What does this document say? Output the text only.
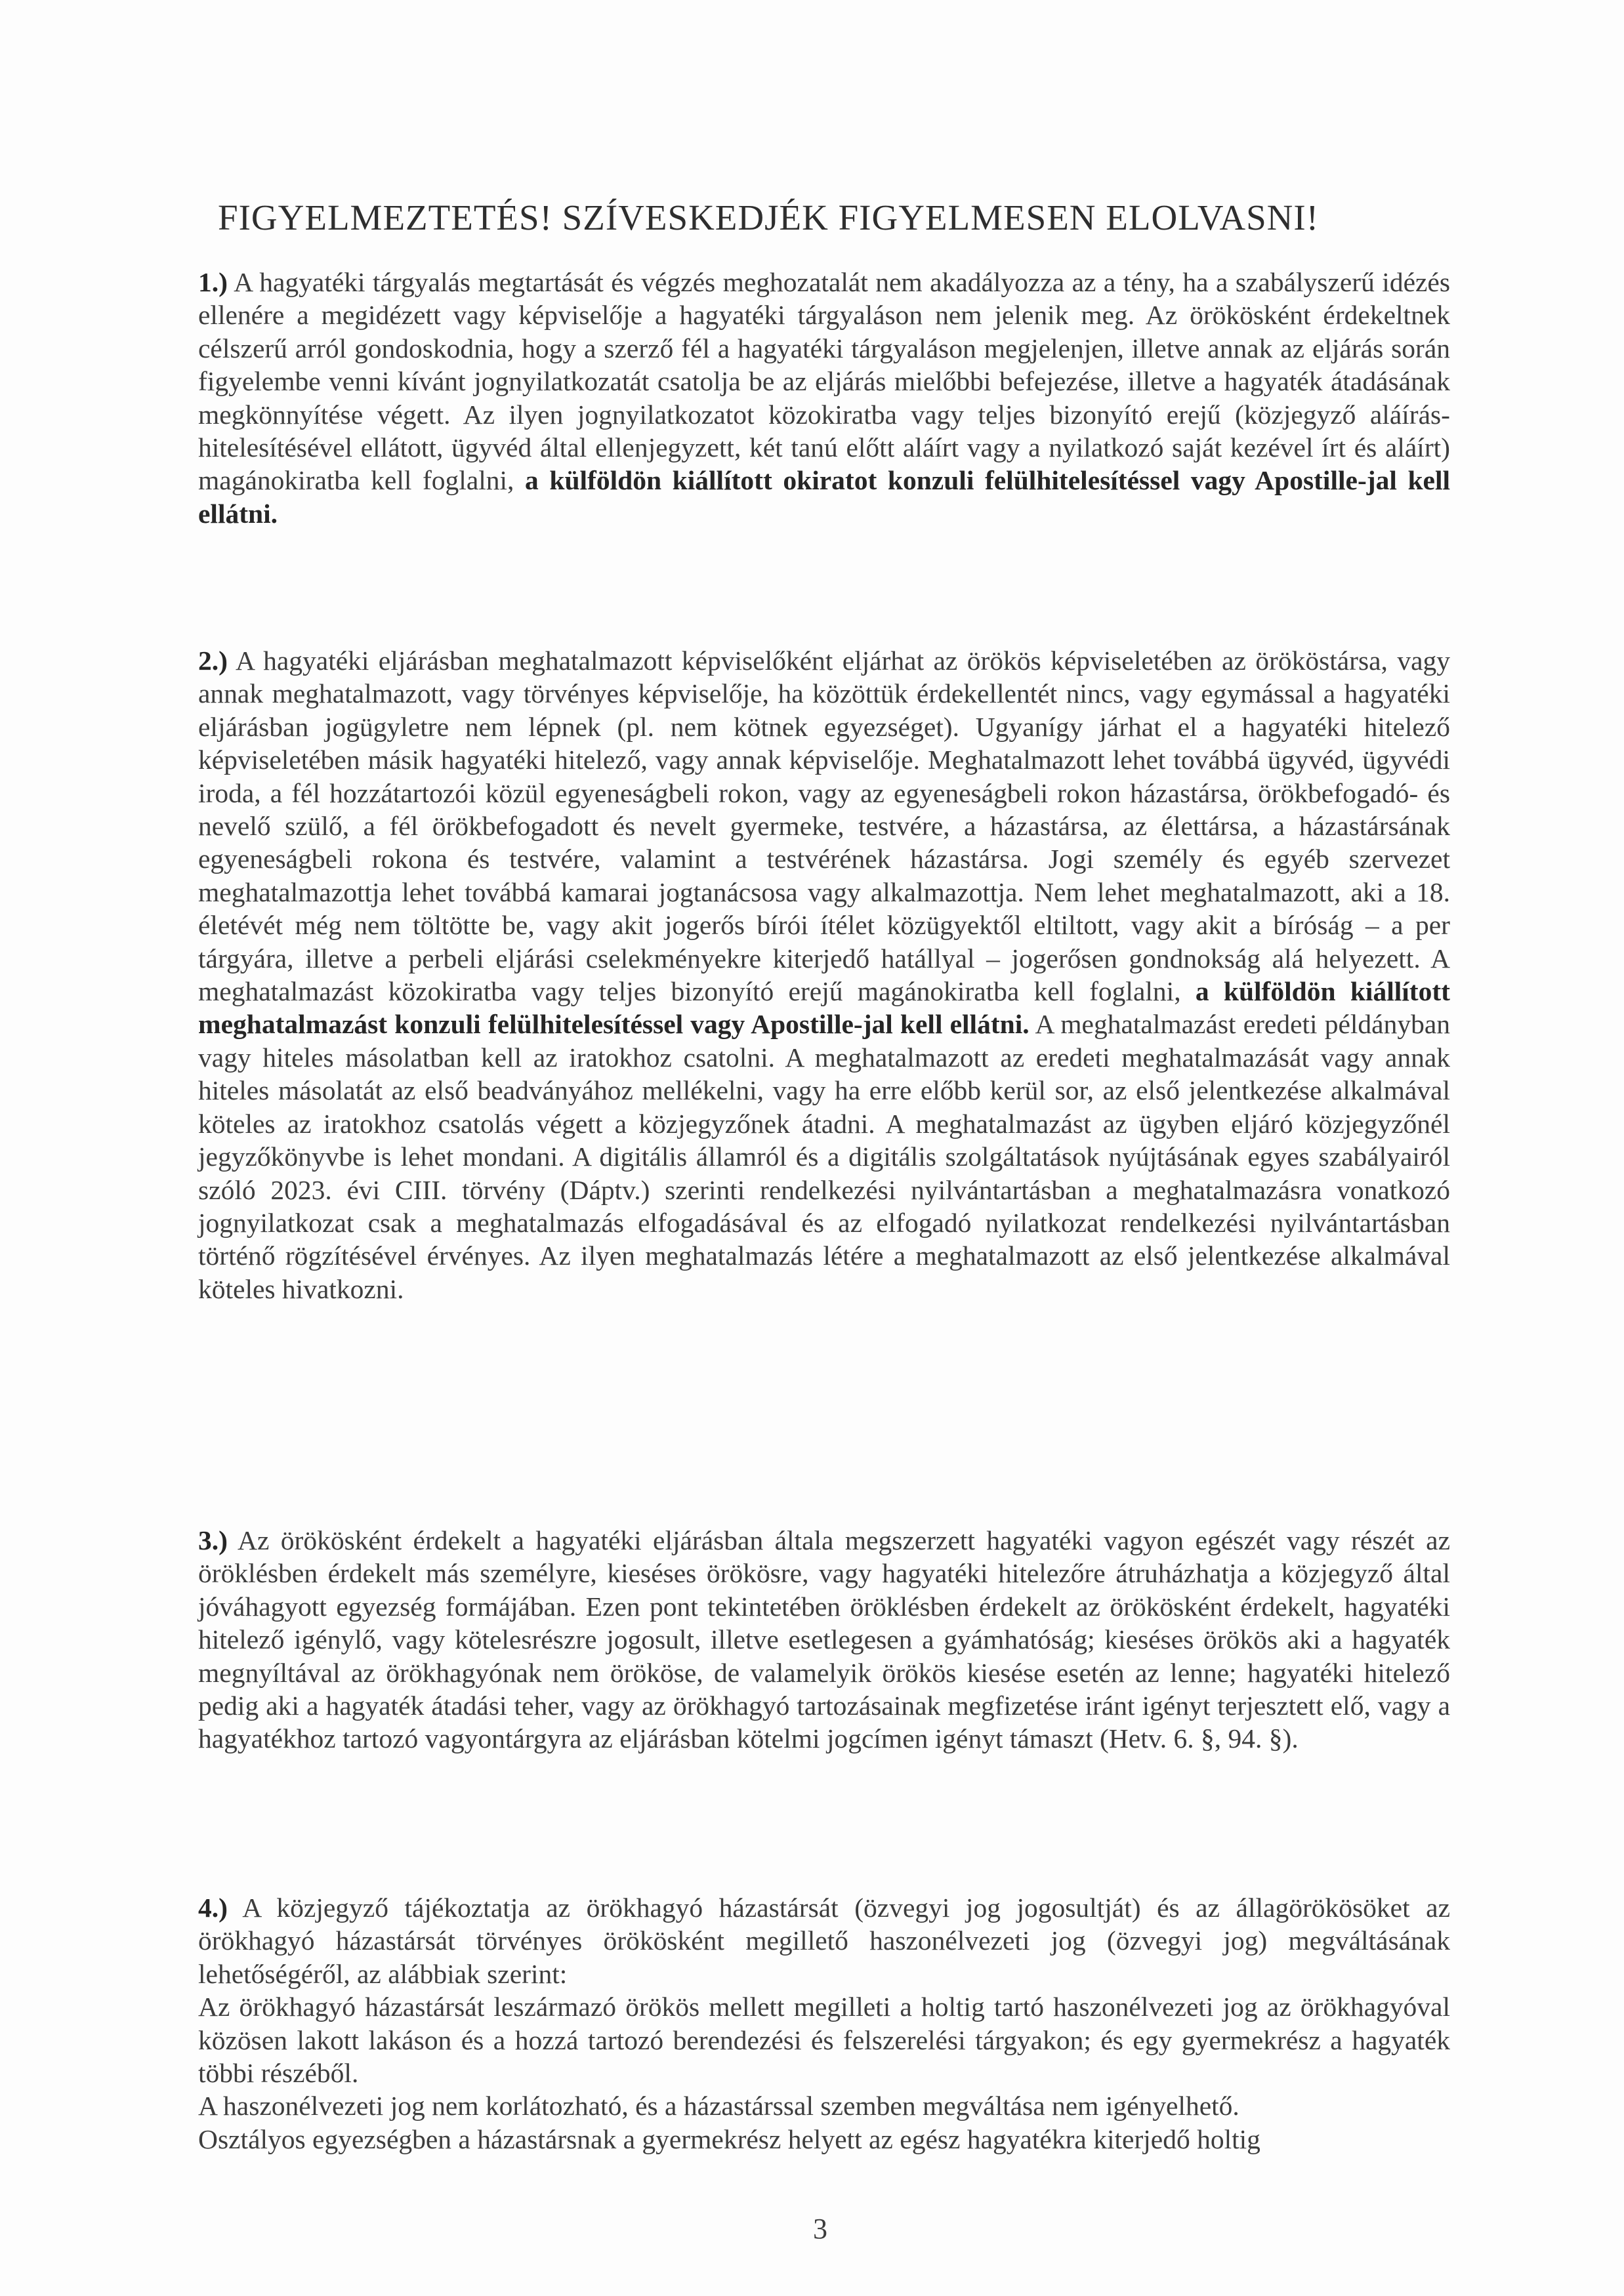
FIGYELMEZTETÉS! SZÍVESKEDJÉK FIGYELMESEN ELOLVASNI!

1.) A hagyatéki tárgyalás megtartását és végzés meghozatalát nem akadályozza az a tény, ha a szabályszerű idézés ellenére a megidézett vagy képviselője a hagyatéki tárgyaláson nem jelenik meg. Az örökösként érdekeltnek célszerű arról gondoskodnia, hogy a szerző fél a hagyatéki tárgyaláson megjelenjen, illetve annak az eljárás során figyelembe venni kívánt jognyilatkozatát csatolja be az eljárás mielőbbi befejezése, illetve a hagyaték átadásának megkönnyítése végett. Az ilyen jognyilatkozatot közokiratba vagy teljes bizonyító erejű (közjegyző aláírás-hitelesítésével ellátott, ügyvéd által ellenjegyzett, két tanú előtt aláírt vagy a nyilatkozó saját kezével írt és aláírt) magánokiratba kell foglalni, a külföldön kiállított okiratot konzuli felülhitelesítéssel vagy Apostille-jal kell ellátni.

2.) A hagyatéki eljárásban meghatalmazott képviselőként eljárhat az örökös képviseletében az örököstársa, vagy annak meghatalmazott, vagy törvényes képviselője, ha közöttük érdekellentét nincs, vagy egymással a hagyatéki eljárásban jogügyletre nem lépnek (pl. nem kötnek egyezséget). Ugyanígy járhat el a hagyatéki hitelező képviseletében másik hagyatéki hitelező, vagy annak képviselője. Meghatalmazott lehet továbbá ügyvéd, ügyvédi iroda, a fél hozzátartozói közül egyeneságbeli rokon, vagy az egyeneságbeli rokon házastársa, örökbefogadó- és nevelő szülő, a fél örökbefogadott és nevelt gyermeke, testvére, a házastársa, az élettársa, a házastársának egyeneságbeli rokona és testvére, valamint a testvérének házastársa. Jogi személy és egyéb szervezet meghatalmazottja lehet továbbá kamarai jogtanácsosa vagy alkalmazottja. Nem lehet meghatalmazott, aki a 18. életévét még nem töltötte be, vagy akit jogerős bírói ítélet közügyektől eltiltott, vagy akit a bíróság – a per tárgyára, illetve a perbeli eljárási cselekményekre kiterjedő hatállyal – jogerősen gondnokság alá helyezett. A meghatalmazást közokiratba vagy teljes bizonyító erejű magánokiratba kell foglalni, a külföldön kiállított meghatalmazást konzuli felülhitelesítéssel vagy Apostille-jal kell ellátni. A meghatalmazást eredeti példányban vagy hiteles másolatban kell az iratokhoz csatolni. A meghatalmazott az eredeti meghatalmazását vagy annak hiteles másolatát az első beadványához mellékelni, vagy ha erre előbb kerül sor, az első jelentkezése alkalmával köteles az iratokhoz csatolás végett a közjegyzőnek átadni. A meghatalmazást az ügyben eljáró közjegyzőnél jegyzőkönyvbe is lehet mondani. A digitális államról és a digitális szolgáltatások nyújtásának egyes szabályairól szóló 2023. évi CIII. törvény (Dáptv.) szerinti rendelkezési nyilvántartásban a meghatalmazásra vonatkozó jognyilatkozat csak a meghatalmazás elfogadásával és az elfogadó nyilatkozat rendelkezési nyilvántartásban történő rögzítésével érvényes. Az ilyen meghatalmazás létére a meghatalmazott az első jelentkezése alkalmával köteles hivatkozni.

3.) Az örökösként érdekelt a hagyatéki eljárásban általa megszerzett hagyatéki vagyon egészét vagy részét az öröklésben érdekelt más személyre, kieséses örökösre, vagy hagyatéki hitelezőre átruházhatja a közjegyző által jóváhagyott egyezség formájában. Ezen pont tekintetében öröklésben érdekelt az örökösként érdekelt, hagyatéki hitelező igénylő, vagy kötelesrészre jogosult, illetve esetlegesen a gyámhatóság; kieséses örökös aki a hagyaték megnyíltával az örökhagyónak nem örököse, de valamelyik örökös kiesése esetén az lenne; hagyatéki hitelező pedig aki a hagyaték átadási teher, vagy az örökhagyó tartozásainak megfizetése iránt igényt terjesztett elő, vagy a hagyatékhoz tartozó vagyontárgyra az eljárásban kötelmi jogcímen igényt támaszt (Hetv. 6. §, 94. §).

4.) A közjegyző tájékoztatja az örökhagyó házastársát (özvegyi jog jogosultját) és az állagörökösöket az örökhagyó házastársát törvényes örökösként megillető haszonélvezeti jog (özvegyi jog) megváltásának lehetőségéről, az alábbiak szerint:
Az örökhagyó házastársát leszármazó örökös mellett megilleti a holtig tartó haszonélvezeti jog az örökhagyóval közösen lakott lakáson és a hozzá tartozó berendezési és felszerelési tárgyakon; és egy gyermekrész a hagyaték többi részéből.
A haszonélvezeti jog nem korlátozható, és a házastárssal szemben megváltása nem igényelhető.
Osztályos egyezségben a házastársnak a gyermekrész helyett az egész hagyatékra kiterjedő holtig

3
